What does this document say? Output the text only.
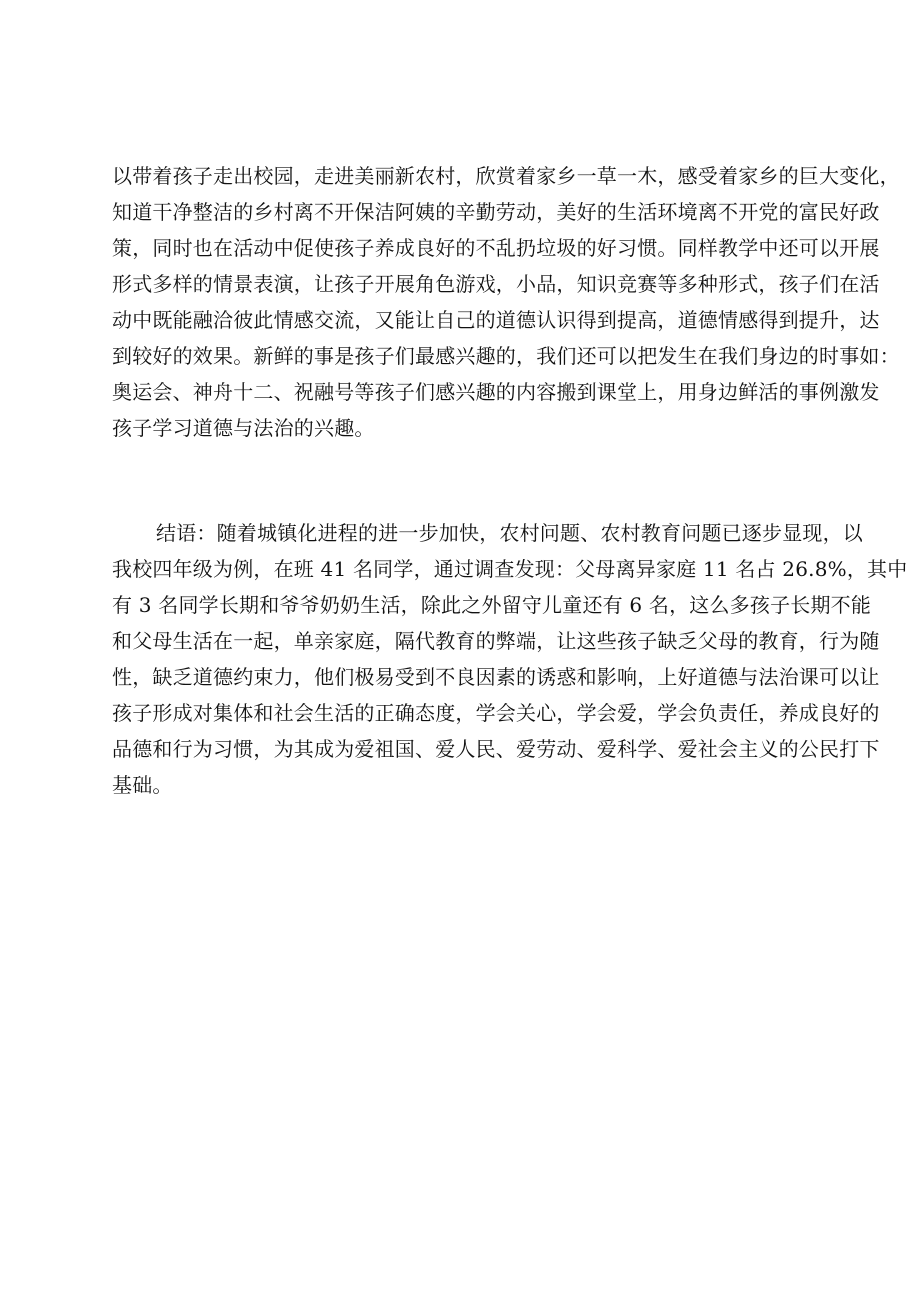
以带着孩子走出校园，走进美丽新农村，欣赏着家乡一草一木，感受着家乡的巨大变化，
知道干净整洁的乡村离不开保洁阿姨的辛勤劳动，美好的生活环境离不开党的富民好政
策，同时也在活动中促使孩子养成良好的不乱扔垃圾的好习惯。同样教学中还可以开展
形式多样的情景表演，让孩子开展角色游戏，小品，知识竞赛等多种形式，孩子们在活
动中既能融洽彼此情感交流，又能让自己的道德认识得到提高，道德情感得到提升，达
到较好的效果。新鲜的事是孩子们最感兴趣的，我们还可以把发生在我们身边的时事如：
奥运会、神舟十二、祝融号等孩子们感兴趣的内容搬到课堂上，用身边鲜活的事例激发
孩子学习道德与法治的兴趣。
结语：随着城镇化进程的进一步加快，农村问题、农村教育问题已逐步显现，以
我校四年级为例，在班 41 名同学，通过调查发现：父母离异家庭 11 名占 26.8%，其中
有 3 名同学长期和爷爷奶奶生活，除此之外留守儿童还有 6 名，这么多孩子长期不能
和父母生活在一起，单亲家庭，隔代教育的弊端，让这些孩子缺乏父母的教育，行为随
性，缺乏道德约束力，他们极易受到不良因素的诱惑和影响，上好道德与法治课可以让
孩子形成对集体和社会生活的正确态度，学会关心，学会爱，学会负责任，养成良好的
品德和行为习惯，为其成为爱祖国、爱人民、爱劳动、爱科学、爱社会主义的公民打下
基础。
